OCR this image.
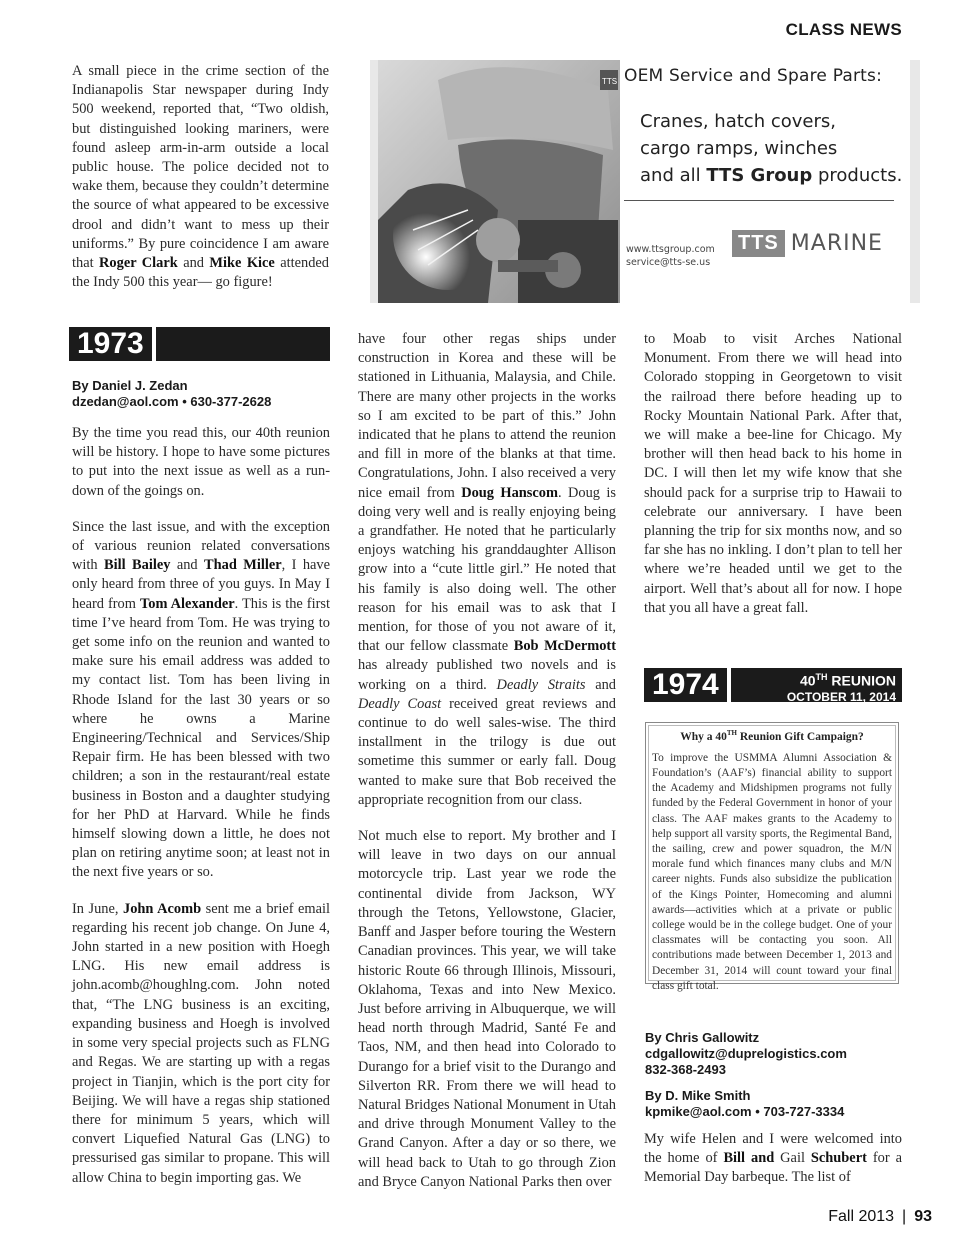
CLASS NEWS

A small piece in the crime section of the Indianapolis Star newspaper during Indy 500 weekend, reported that, “Two oldish, but distinguished looking mariners, were found asleep arm-in-arm outside a local public house. The police decided not to wake them, because they couldn’t determine the source of what appeared to be excessive drool and didn’t want to mess up their uniforms.” By pure coincidence I am aware that Roger Clark and Mike Kice attended the Indy 500 this year— go figure!

TTS OEM Service and Spare Parts:
Cranes, hatch covers,
cargo ramps, winches
and all TTS Group products.
www.ttsgroup.com
service@tts-se.us
TTS MARINE
1973
By Daniel J. Zedan
dzedan@aol.com • 630-377-2628

By the time you read this, our 40th reunion will be history. I hope to have some pictures to put into the next issue as well as a run-down of the goings on.

Since the last issue, and with the exception of various reunion related conversations with Bill Bailey and Thad Miller, I have only heard from three of you guys. In May I heard from Tom Alexander. This is the first time I’ve heard from Tom. He was trying to get some info on the reunion and wanted to make sure his email address was added to my contact list. Tom has been living in Rhode Island for the last 30 years or so where he owns a Marine Engineering/Technical and Services/Ship Repair firm. He has been blessed with two children; a son in the restaurant/real estate business in Boston and a daughter studying for her PhD at Harvard. While he finds himself slowing down a little, he does not plan on retiring anytime soon; at least not in the next five years or so.

In June, John Acomb sent me a brief email regarding his recent job change. On June 4, John started in a new position with Hoegh LNG. His new email address is john.acomb@houghlng.com. John noted that, “The LNG business is an exciting, expanding business and Hoegh is involved in some very special projects such as FLNG and Regas. We are starting up with a regas project in Tianjin, which is the port city for Beijing. We will have a regas ship stationed there for minimum 5 years, which will convert Liquefied Natural Gas (LNG) to pressurised gas similar to propane. This will allow China to begin importing gas. We

have four other regas ships under construction in Korea and these will be stationed in Lithuania, Malaysia, and Chile. There are many other projects in the works so I am excited to be part of this.” John indicated that he plans to attend the reunion and fill in more of the blanks at that time. Congratulations, John. I also received a very nice email from Doug Hanscom. Doug is doing very well and is really enjoying being a grandfather. He noted that he particularly enjoys watching his granddaughter Allison grow into a “cute little girl.” He noted that his family is also doing well. The other reason for his email was to ask that I mention, for those of you not aware of it, that our fellow classmate Bob McDermott has already published two novels and is working on a third. Deadly Straits and Deadly Coast received great reviews and continue to do well sales-wise. The third installment in the trilogy is due out sometime this summer or early fall. Doug wanted to make sure that Bob received the appropriate recognition from our class.

Not much else to report. My brother and I will leave in two days on our annual motorcycle trip. Last year we rode the continental divide from Jackson, WY through the Tetons, Yellowstone, Glacier, Banff and Jasper before touring the Western Canadian provinces. This year, we will take historic Route 66 through Illinois, Missouri, Oklahoma, Texas and into New Mexico. Just before arriving in Albuquerque, we will head north through Madrid, Santé Fe and Taos, NM, and then head into Colorado to Durango for a brief visit to the Durango and Silverton RR. From there we will head to Natural Bridges National Monument in Utah and drive through Monument Valley to the Grand Canyon. After a day or so there, we will head back to Utah to go through Zion and Bryce Canyon National Parks then over

to Moab to visit Arches National Monument. From there we will head into Colorado stopping in Georgetown to visit the railroad there before heading up to Rocky Mountain National Park. After that, we will make a bee-line for Chicago. My brother will then head back to his home in DC. I will then let my wife know that she should pack for a surprise trip to Hawaii to celebrate our anniversary. I have been planning the trip for six months now, and so far she has no inkling. I don’t plan to tell her where we’re headed until we get to the airport. Well that’s about all for now. I hope that you all have a great fall.

1974	40TH REUNION
OCTOBER 11, 2014
Why a 40TH Reunion Gift Campaign?
To improve the USMMA Alumni Association & Foundation’s (AAF’s) financial ability to support the Academy and Midshipmen programs not fully funded by the Federal Government in honor of your class. The AAF makes grants to the Academy to help support all varsity sports, the Regimental Band, the sailing, crew and power squadron, the M/N morale fund which finances many clubs and M/N career nights. Funds also subsidize the publication of the Kings Pointer, Homecoming and alumni awards—activities which at a private or public college would be in the college budget. One of your classmates will be contacting you soon. All contributions made between December 1, 2013 and December 31, 2014 will count toward your final class gift total.
By Chris Gallowitz
cdgallowitz@duprelogistics.com
832-368-2493
By D. Mike Smith
kpmike@aol.com • 703-727-3334

My wife Helen and I were welcomed into the home of Bill and Gail Schubert for a Memorial Day barbeque. The list of

Fall 2013 | 93
